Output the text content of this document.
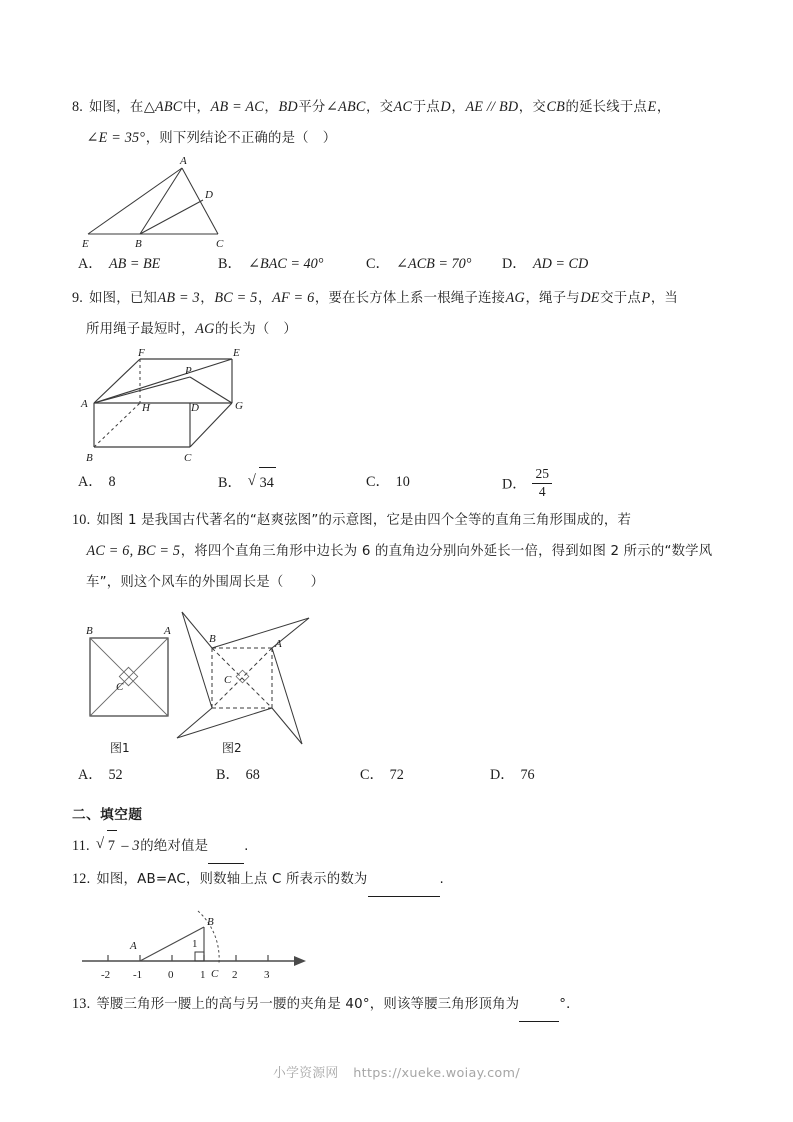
8. 如图，在△ABC中，AB = AC，BD平分∠ABC，交AC于点D，AE // BD，交CB的延长线于点E，
∠E = 35°，则下列结论不正确的是（ ）
A
D
E	B	C
A． AB = BE	B． ∠BAC = 40°	C． ∠ACB = 70° D． AD = CD
9. 如图，已知AB = 3，BC = 5，AF = 6，要在长方体上系一根绳子连接AG，绳子与DE交于点P，当
所用绳子最短时，AG的长为（ ）
F	E
P
A	H	D	G
B	C
A． 8	B． √ 34	C． 10	D． $\frac{25}{4}$
10. 如图 1 是我国古代著名的“赵爽弦图”的示意图，它是由四个全等的直角三角形围成的，若
AC = 6, BC = 5，将四个直角三角形中边长为 6 的直角边分别向外延长一倍，得到如图 2 所示的“数学风
车”，则这个风车的外围周长是（　　）
B	A
C
图1
B	A
C
图2
A． 52	B． 68	C． 72	D． 76
二、填空题
11. √ 7 – 3的绝对值是	.
12. 如图，AB=AC，则数轴上点 C 所表示的数为	.
A
B
C
1
-2 -1 0 1 2 3
13. 等腰三角形一腰上的高与另一腰的夹角是 40°，则该等腰三角形顶角为	°．
小学资源网 https://xueke.woiay.com/
